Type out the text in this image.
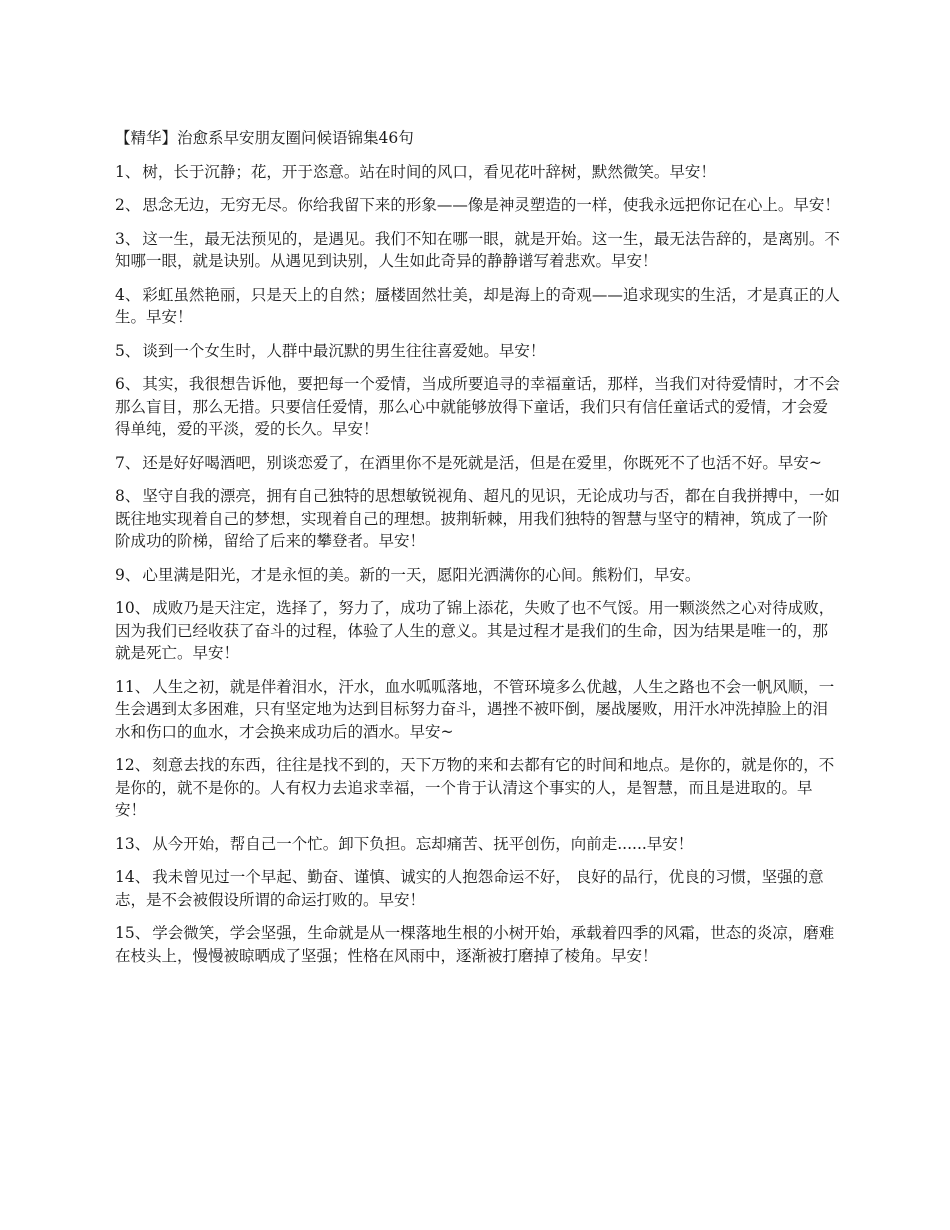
【精华】治愈系早安朋友圈问候语锦集46句

1、 树，长于沉静；花，开于恣意。站在时间的风口，看见花叶辞树，默然微笑。早安！

2、 思念无边，无穷无尽。你给我留下来的形象——像是神灵塑造的一样，使我永远把你记在心上。早安！

3、 这一生，最无法预见的，是遇见。我们不知在哪一眼，就是开始。这一生，最无法告辞的，是离别。不知哪一眼，就是诀别。从遇见到诀别，人生如此奇异的静静谱写着悲欢。早安！

4、 彩虹虽然艳丽，只是天上的自然；蜃楼固然壮美，却是海上的奇观——追求现实的生活，才是真正的人生。早安！

5、 谈到一个女生时，人群中最沉默的男生往往喜爱她。早安！

6、 其实，我很想告诉他，要把每一个爱情，当成所要追寻的幸福童话，那样，当我们对待爱情时，才不会那么盲目，那么无措。只要信任爱情，那么心中就能够放得下童话，我们只有信任童话式的爱情，才会爱得单纯，爱的平淡，爱的长久。早安！

7、 还是好好喝酒吧，别谈恋爱了，在酒里你不是死就是活，但是在爱里，你既死不了也活不好。早安~

8、 坚守自我的漂亮，拥有自己独特的思想敏锐视角、超凡的见识，无论成功与否，都在自我拼搏中，一如既往地实现着自己的梦想，实现着自己的理想。披荆斩棘，用我们独特的智慧与坚守的精神，筑成了一阶阶成功的阶梯，留给了后来的攀登者。早安！

9、 心里满是阳光，才是永恒的美。新的一天，愿阳光洒满你的心间。熊粉们，早安。

10、 成败乃是天注定，选择了，努力了，成功了锦上添花，失败了也不气馁。用一颗淡然之心对待成败，因为我们已经收获了奋斗的过程，体验了人生的意义。其是过程才是我们的生命，因为结果是唯一的，那就是死亡。早安！

11、 人生之初，就是伴着泪水，汗水，血水呱呱落地，不管环境多么优越，人生之路也不会一帆风顺，一生会遇到太多困难，只有坚定地为达到目标努力奋斗，遇挫不被吓倒，屡战屡败，用汗水冲洗掉脸上的泪水和伤口的血水，才会换来成功后的酒水。早安~

12、 刻意去找的东西，往往是找不到的，天下万物的来和去都有它的时间和地点。是你的，就是你的，不是你的，就不是你的。人有权力去追求幸福，一个肯于认清这个事实的人，是智慧，而且是进取的。早安！

13、 从今开始，帮自己一个忙。卸下负担。忘却痛苦、抚平创伤，向前走......早安！

14、 我未曾见过一个早起、勤奋、谨慎、诚实的人抱怨命运不好， 良好的品行，优良的习惯，坚强的意志，是不会被假设所谓的命运打败的。早安！

15、 学会微笑，学会坚强，生命就是从一棵落地生根的小树开始，承载着四季的风霜，世态的炎凉，磨难在枝头上，慢慢被晾晒成了坚强；性格在风雨中，逐渐被打磨掉了棱角。早安！
